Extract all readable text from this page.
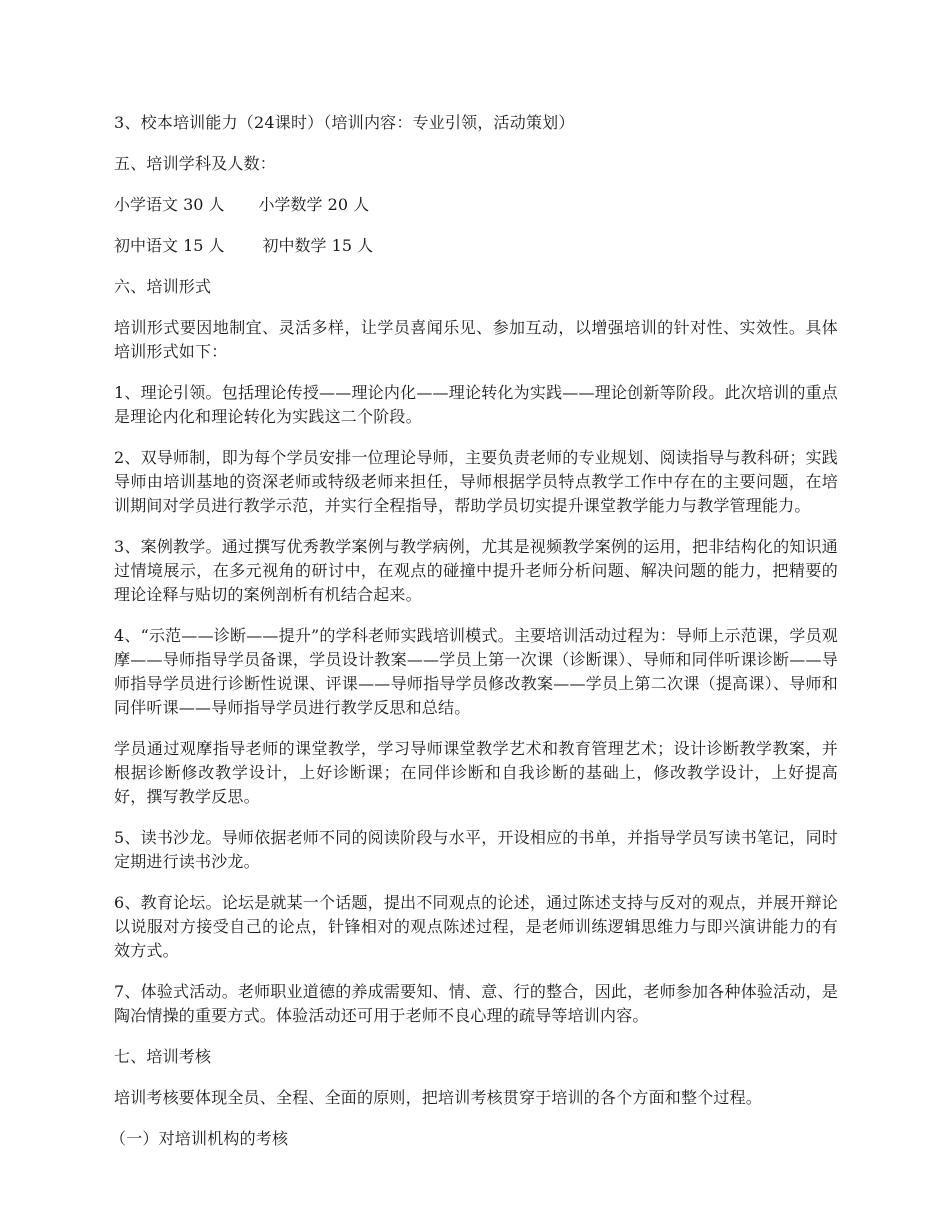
3、校本培训能力（24课时）（培训内容：专业引领，活动策划）

五、培训学科及人数：

小学语文 30 人 小学数学 20 人
初中语文 15 人 初中数学 15 人

六、培训形式

培训形式要因地制宜、灵活多样，让学员喜闻乐见、参加互动，以增强培训的针对性、实效性。具体培训形式如下：

1、理论引领。包括理论传授——理论内化——理论转化为实践——理论创新等阶段。此次培训的重点是理论内化和理论转化为实践这二个阶段。

2、双导师制，即为每个学员安排一位理论导师，主要负责老师的专业规划、阅读指导与教科研；实践导师由培训基地的资深老师或特级老师来担任，导师根据学员特点教学工作中存在的主要问题，在培训期间对学员进行教学示范，并实行全程指导，帮助学员切实提升课堂教学能力与教学管理能力。

3、案例教学。通过撰写优秀教学案例与教学病例，尤其是视频教学案例的运用，把非结构化的知识通过情境展示，在多元视角的研讨中，在观点的碰撞中提升老师分析问题、解决问题的能力，把精要的理论诠释与贴切的案例剖析有机结合起来。

4、“示范——诊断——提升”的学科老师实践培训模式。主要培训活动过程为：导师上示范课，学员观摩——导师指导学员备课，学员设计教案——学员上第一次课（诊断课）、导师和同伴听课诊断——导师指导学员进行诊断性说课、评课——导师指导学员修改教案——学员上第二次课（提高课）、导师和同伴听课——导师指导学员进行教学反思和总结。

学员通过观摩指导老师的课堂教学，学习导师课堂教学艺术和教育管理艺术；设计诊断教学教案，并根据诊断修改教学设计，上好诊断课；在同伴诊断和自我诊断的基础上，修改教学设计，上好提高好，撰写教学反思。

5、读书沙龙。导师依据老师不同的阅读阶段与水平，开设相应的书单，并指导学员写读书笔记，同时定期进行读书沙龙。

6、教育论坛。论坛是就某一个话题，提出不同观点的论述，通过陈述支持与反对的观点，并展开辩论以说服对方接受自己的论点，针锋相对的观点陈述过程，是老师训练逻辑思维力与即兴演讲能力的有效方式。

7、体验式活动。老师职业道德的养成需要知、情、意、行的整合，因此，老师参加各种体验活动，是陶冶情操的重要方式。体验活动还可用于老师不良心理的疏导等培训内容。

七、培训考核

培训考核要体现全员、全程、全面的原则，把培训考核贯穿于培训的各个方面和整个过程。

（一）对培训机构的考核
